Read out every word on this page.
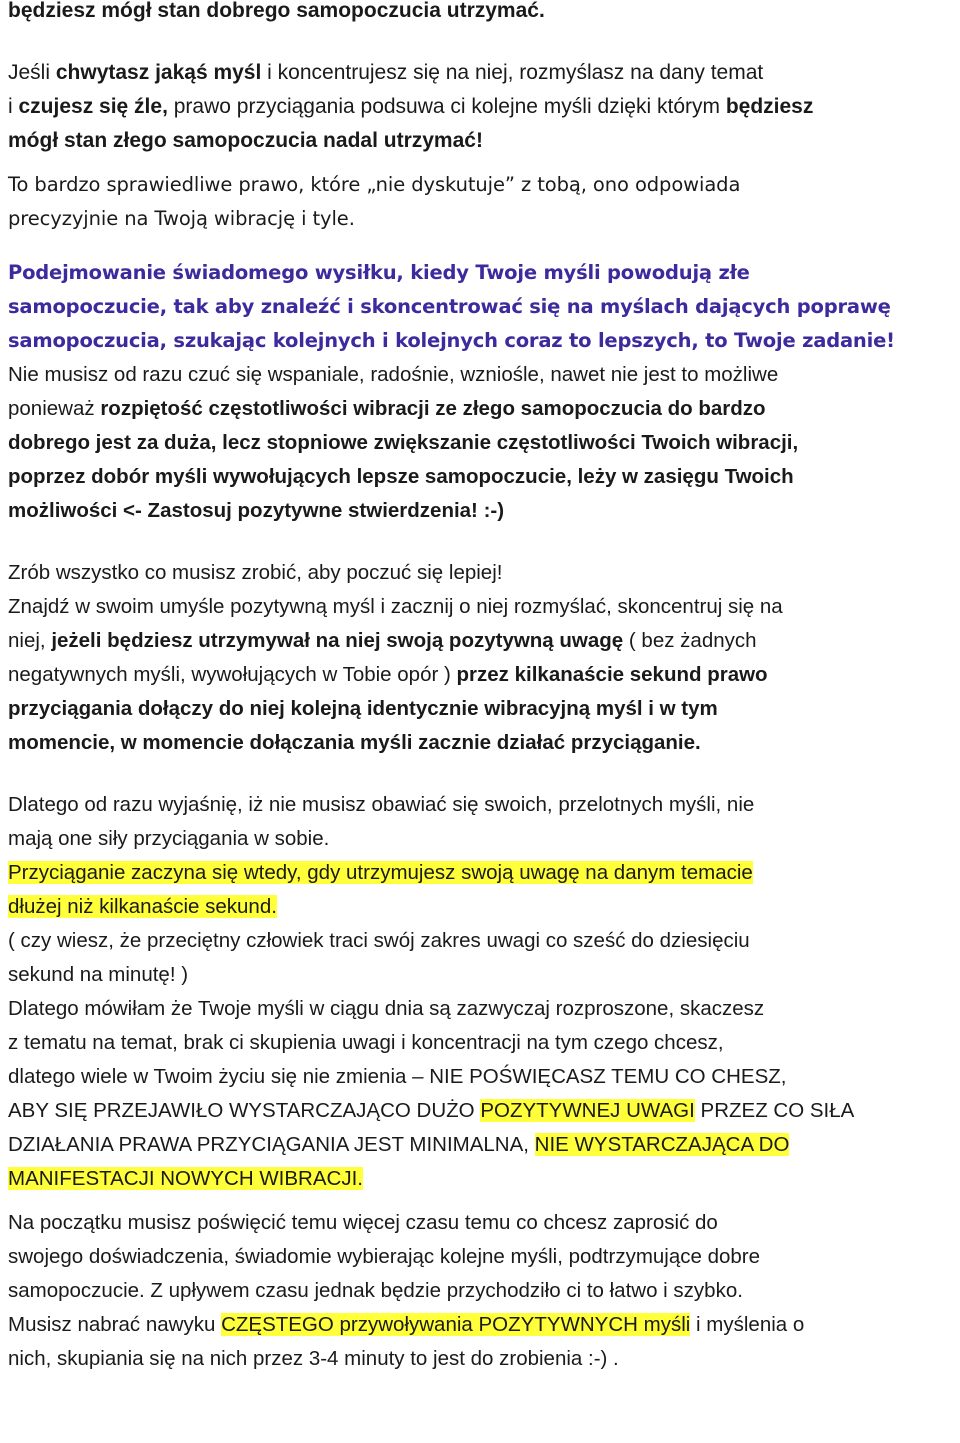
będziesz mógł stan dobrego samopoczucia utrzymać.

Jeśli chwytasz jakąś myśl i koncentrujesz się na niej, rozmyślasz na dany temat

i czujesz się źle, prawo przyciągania podsuwa ci kolejne myśli dzięki którym będziesz

mógł stan złego samopoczucia nadal utrzymać!

To bardzo sprawiedliwe prawo, które „nie dyskutuje” z tobą, ono odpowiada

precyzyjnie na Twoją wibrację i tyle.

Podejmowanie świadomego wysiłku, kiedy Twoje myśli powodują złe

samopoczucie, tak aby znaleźć i skoncentrować się na myślach dających poprawę

samopoczucia, szukając kolejnych i kolejnych coraz to lepszych, to Twoje zadanie!

Nie musisz od razu czuć się wspaniale, radośnie, wzniośle, nawet nie jest to możliwe

ponieważ rozpiętość częstotliwości wibracji ze złego samopoczucia do bardzo

dobrego jest za duża, lecz stopniowe zwiększanie częstotliwości Twoich wibracji,

poprzez dobór myśli wywołujących lepsze samopoczucie, leży w zasięgu Twoich

możliwości <- Zastosuj pozytywne stwierdzenia! :-)

Zrób wszystko co musisz zrobić, aby poczuć się lepiej!

Znajdź w swoim umyśle pozytywną myśl i zacznij o niej rozmyślać, skoncentruj się na

niej, jeżeli będziesz utrzymywał na niej swoją pozytywną uwagę ( bez żadnych

negatywnych myśli, wywołujących w Tobie opór ) przez kilkanaście sekund prawo

przyciągania dołączy do niej kolejną identycznie wibracyjną myśl i w tym

momencie, w momencie dołączania myśli zacznie działać przyciąganie.

Dlatego od razu wyjaśnię, iż nie musisz obawiać się swoich, przelotnych myśli, nie

mają one siły przyciągania w sobie.

Przyciąganie zaczyna się wtedy, gdy utrzymujesz swoją uwagę na danym temacie

dłużej niż kilkanaście sekund.

( czy wiesz, że przeciętny człowiek traci swój zakres uwagi co sześć do dziesięciu

sekund na minutę! )

Dlatego mówiłam że Twoje myśli w ciągu dnia są zazwyczaj rozproszone, skaczesz

z tematu na temat, brak ci skupienia uwagi i koncentracji na tym czego chcesz,

dlatego wiele w Twoim życiu się nie zmienia – NIE POŚWIĘCASZ TEMU CO CHESZ,

ABY SIĘ PRZEJAWIŁO WYSTARCZAJĄCO DUŻO POZYTYWNEJ UWAGI PRZEZ CO SIŁA

DZIAŁANIA PRAWA PRZYCIĄGANIA JEST MINIMALNA, NIE WYSTARCZAJĄCA DO

MANIFESTACJI NOWYCH WIBRACJI.

Na początku musisz poświęcić temu więcej czasu temu co chcesz zaprosić do

swojego doświadczenia, świadomie wybierając kolejne myśli, podtrzymujące dobre

samopoczucie. Z upływem czasu jednak będzie przychodziło ci to łatwo i szybko.

Musisz nabrać nawyku CZĘSTEGO przywoływania POZYTYWNYCH myśli i myślenia o

nich, skupiania się na nich przez 3-4 minuty to jest do zrobienia :-) .
